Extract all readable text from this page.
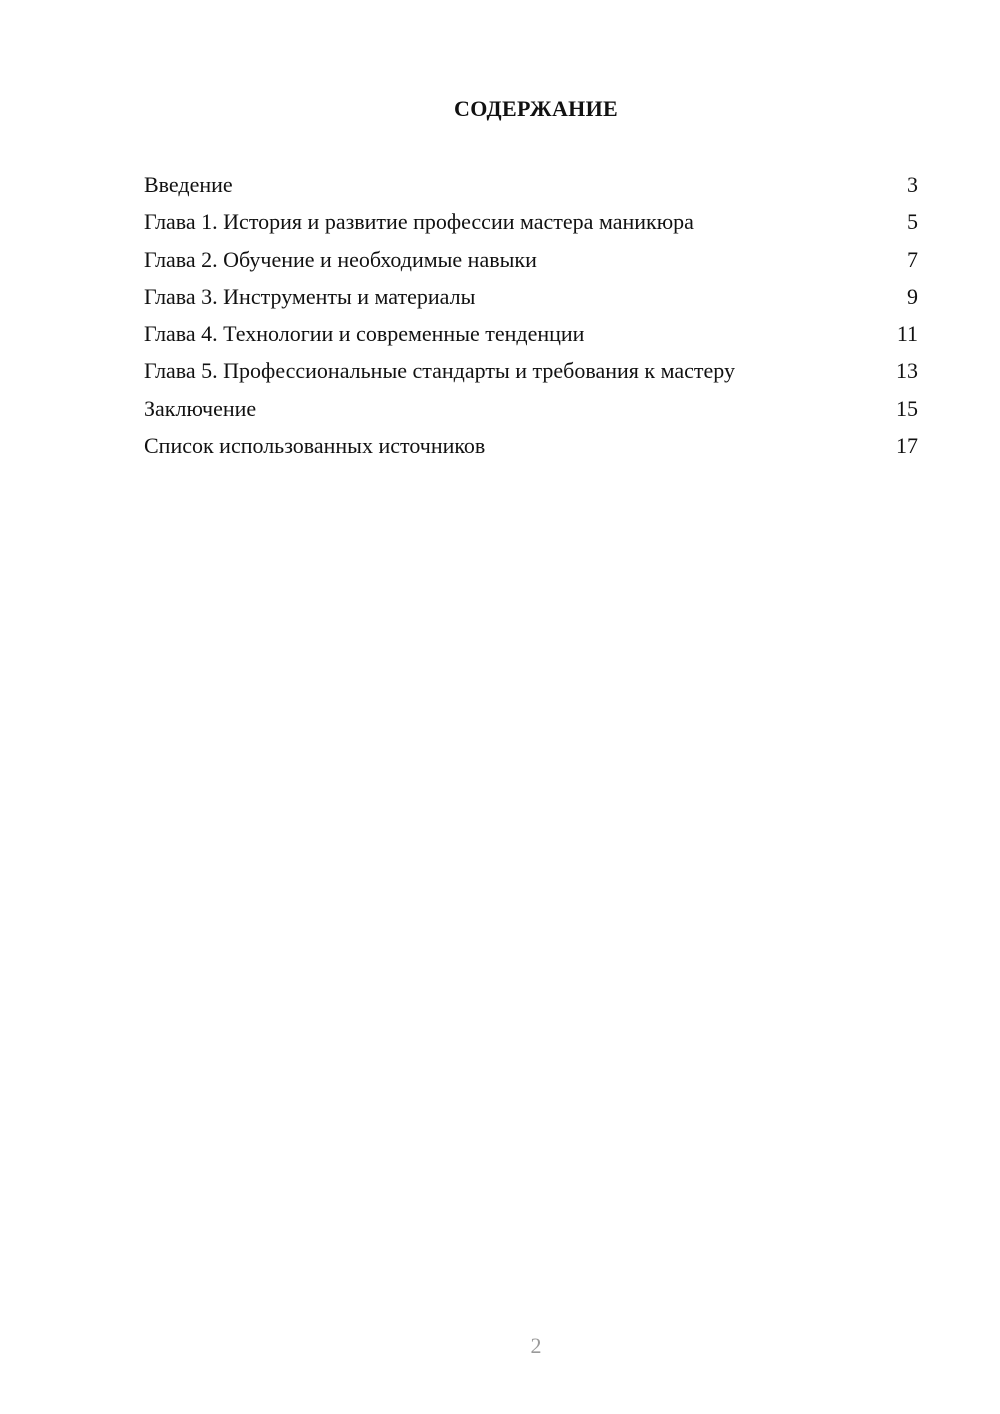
СОДЕРЖАНИЕ
Введение	3
Глава 1. История и развитие профессии мастера маникюра	5
Глава 2. Обучение и необходимые навыки	7
Глава 3. Инструменты и материалы	9
Глава 4. Технологии и современные тенденции	11
Глава 5. Профессиональные стандарты и требования к мастеру	13
Заключение	15
Список использованных источников	17
2
